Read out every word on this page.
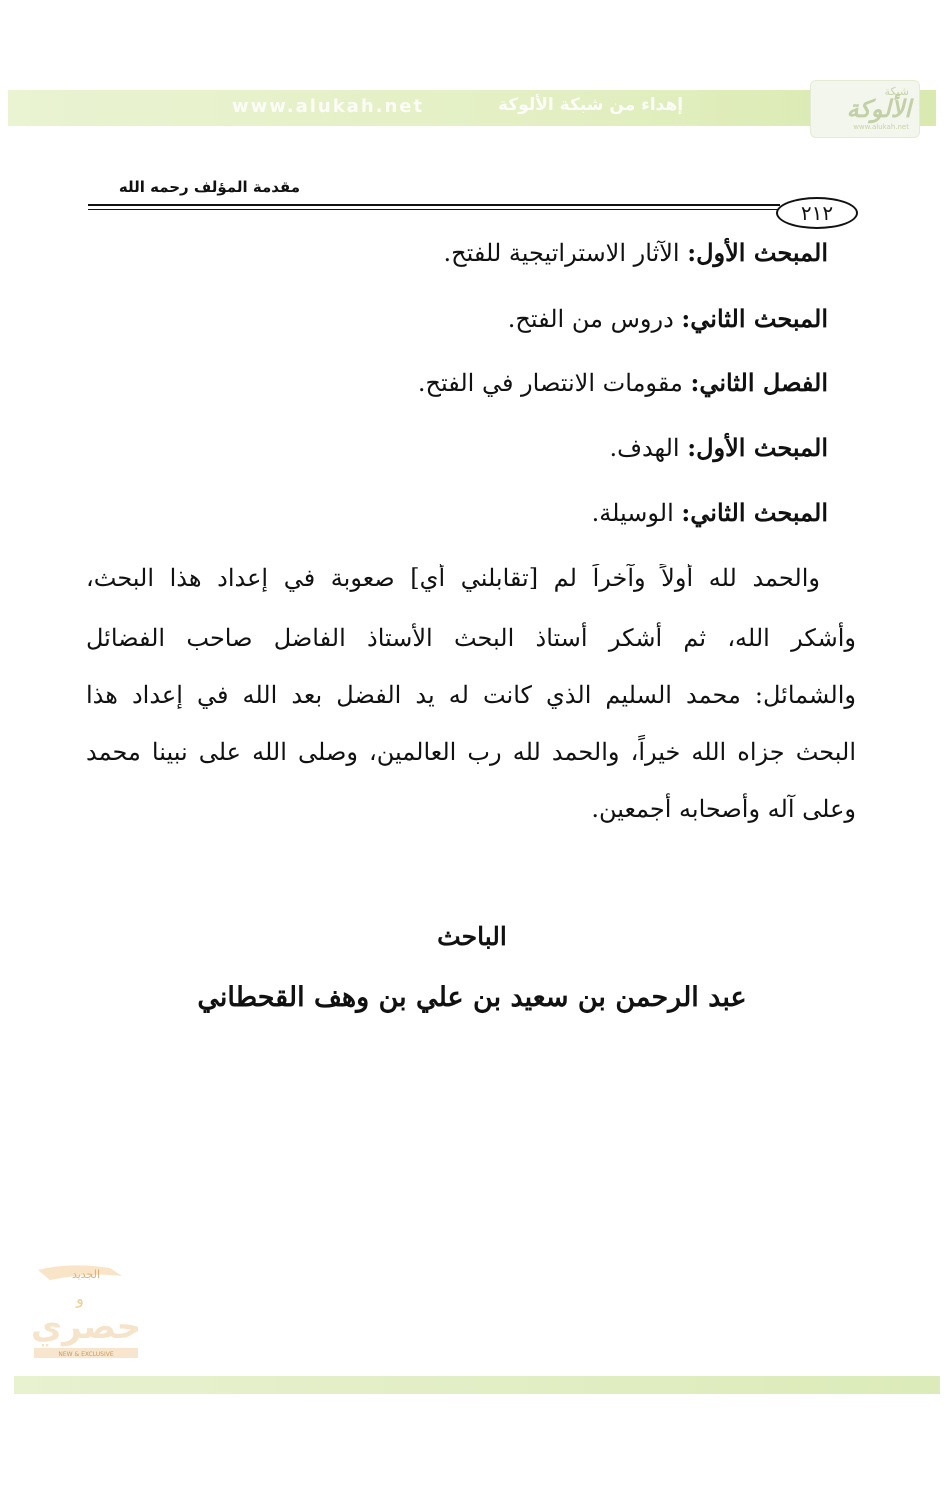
www.alukah.net	إهداء من شبكة الألوكة
شبكة
الألوكة
www.alukah.net
مقدمة المؤلف رحمه الله
٢١٢
المبحث الأول: الآثار الاستراتيجية للفتح.
المبحث الثاني: دروس من الفتح.
الفصل الثاني: مقومات الانتصار في الفتح.
المبحث الأول: الهدف.
المبحث الثاني: الوسيلة.
والحمد لله أولاً وآخراً لم [تقابلني أي] صعوبة في إعداد هذا البحث،
وأشكر الله، ثم أشكر أستاذ البحث الأستاذ الفاضل صاحب الفضائل
والشمائل: محمد السليم الذي كانت له يد الفضل بعد الله في إعداد هذا
البحث جزاه الله خيراً، والحمد لله رب العالمين، وصلى الله على نبينا محمد
وعلى آله وأصحابه أجمعين.
الباحث
عبد الرحمن بن سعيد بن علي بن وهف القحطاني
الجديد
و
حصري
NEW & EXCLUSIVE
